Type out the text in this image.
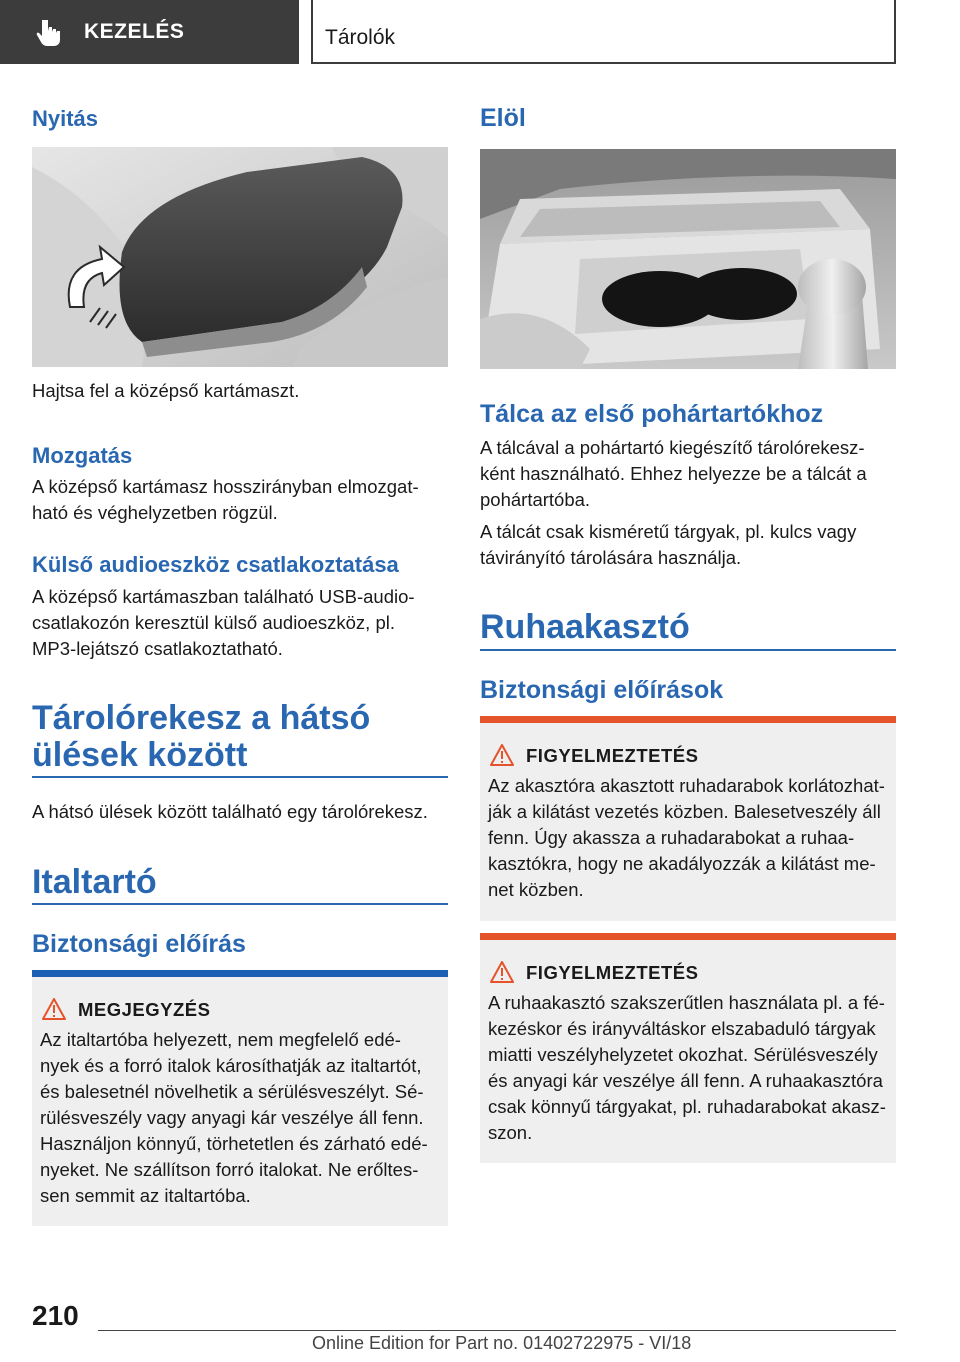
KEZELÉS	Tárolók
Nyitás
Hajtsa fel a középső kartámaszt.
Mozgatás
A középső kartámasz hosszirányban elmozgat-
ható és véghelyzetben rögzül.
Külső audioeszköz csatlakoztatása
A középső kartámaszban található USB-audio-
csatlakozón keresztül külső audioeszköz, pl.
MP3-lejátszó csatlakoztatható.
Tárolórekesz a hátsó
ülések között
A hátsó ülések között található egy tárolórekesz.
Italtartó
Biztonsági előírás
MEGJEGYZÉS
Az italtartóba helyezett, nem megfelelő edé-
nyek és a forró italok károsíthatják az italtartót,
és balesetnél növelhetik a sérülésveszélyt. Sé-
rülésveszély vagy anyagi kár veszélye áll fenn.
Használjon könnyű, törhetetlen és zárható edé-
nyeket. Ne szállítson forró italokat. Ne erőltes-
sen semmit az italtartóba.
Elöl
Tálca az első pohártartókhoz
A tálcával a pohártartó kiegészítő tárolórekesz-
ként használható. Ehhez helyezze be a tálcát a
pohártartóba.
A tálcát csak kisméretű tárgyak, pl. kulcs vagy
távirányító tárolására használja.
Ruhaakasztó
Biztonsági előírások
FIGYELMEZTETÉS
Az akasztóra akasztott ruhadarabok korlátozhat-
ják a kilátást vezetés közben. Balesetveszély áll
fenn. Úgy akassza a ruhadarabokat a ruhaa-
kasztókra, hogy ne akadályozzák a kilátást me-
net közben.
FIGYELMEZTETÉS
A ruhaakasztó szakszerűtlen használata pl. a fé-
kezéskor és irányváltáskor elszabaduló tárgyak
miatti veszélyhelyzetet okozhat. Sérülésveszély
és anyagi kár veszélye áll fenn. A ruhaakasztóra
csak könnyű tárgyakat, pl. ruhadarabokat akasz-
szon.
210
Online Edition for Part no. 01402722975 - VI/18
